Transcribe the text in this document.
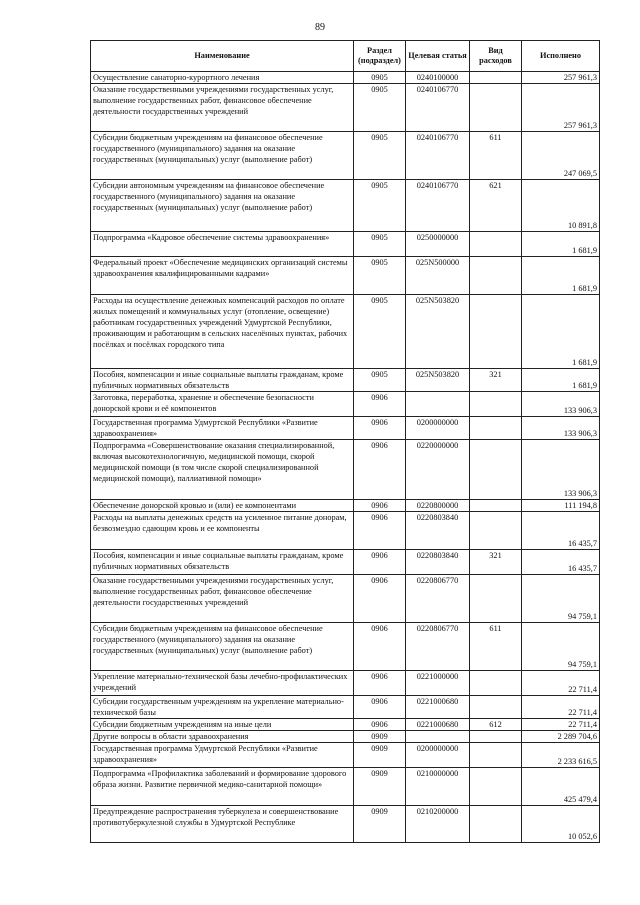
89
Наименование	Раздел (подраздел)	Целевая статья	Вид расходов	Исполнено
Осуществление санаторно-курортного лечения	0905	0240100000		257 961,3
Оказание государственными учреждениями государственных услуг, выполнение государственных работ, финансовое обеспечение деятельности государственных учреждений	0905	0240106770		257 961,3
Субсидии бюджетным учреждениям на финансовое обеспечение государственного (муниципального) задания на оказание государственных (муниципальных) услуг (выполнение работ)	0905	0240106770	611	247 069,5
Субсидии автономным учреждениям на финансовое обеспечение государственного (муниципального) задания на оказание государственных (муниципальных) услуг (выполнение работ)	0905	0240106770	621	10 891,8
Подпрограмма «Кадровое обеспечение системы здравоохранения»	0905	0250000000		1 681,9
Федеральный проект «Обеспечение медицинских организаций системы здравоохранения квалифицированными кадрами»	0905	025N500000		1 681,9
Расходы на осуществление денежных компенсаций расходов по оплате жилых помещений и коммунальных услуг (отопление, освещение) работникам государственных учреждений Удмуртской Республики, проживающим и работающим в сельских населённых пунктах, рабочих посёлках и посёлках городского типа	0905	025N503820		1 681,9
Пособия, компенсации и иные социальные выплаты гражданам, кроме публичных нормативных обязательств	0905	025N503820	321	1 681,9
Заготовка, переработка, хранение и обеспечение безопасности донорской крови и её компонентов	0906			133 906,3
Государственная программа Удмуртской Республики «Развитие здравоохранения»	0906	0200000000		133 906,3
Подпрограмма «Совершенствование оказания специализированной, включая высокотехнологичную, медицинской помощи, скорой медицинской помощи (в том числе скорой специализированной медицинской помощи), паллиативной помощи»	0906	0220000000		133 906,3
Обеспечение донорской кровью и (или) ее компонентами	0906	0220800000		111 194,8
Расходы на выплаты денежных средств на усиленное питание донорам, безвозмездно сдающим кровь и ее компоненты	0906	0220803840		16 435,7
Пособия, компенсации и иные социальные выплаты гражданам, кроме публичных нормативных обязательств	0906	0220803840	321	16 435,7
Оказание государственными учреждениями государственных услуг, выполнение государственных работ, финансовое обеспечение деятельности государственных учреждений	0906	0220806770		94 759,1
Субсидии бюджетным учреждениям на финансовое обеспечение государственного (муниципального) задания на оказание государственных (муниципальных) услуг (выполнение работ)	0906	0220806770	611	94 759,1
Укрепление материально-технической базы лечебно-профилактических учреждений	0906	0221000000		22 711,4
Субсидии государственным учреждениям на укрепление материально-технической базы	0906	0221000680		22 711,4
Субсидии бюджетным учреждениям на иные цели	0906	0221000680	612	22 711,4
Другие вопросы в области здравоохранения	0909			2 289 704,6
Государственная программа Удмуртской Республики «Развитие здравоохранения»	0909	0200000000		2 233 616,5
Подпрограмма «Профилактика заболеваний и формирование здорового образа жизни. Развитие первичной медико-санитарной помощи»	0909	0210000000		425 479,4
Предупреждение распространения туберкулеза и совершенствование противотуберкулезной службы в Удмуртской Республике	0909	0210200000		10 052,6
